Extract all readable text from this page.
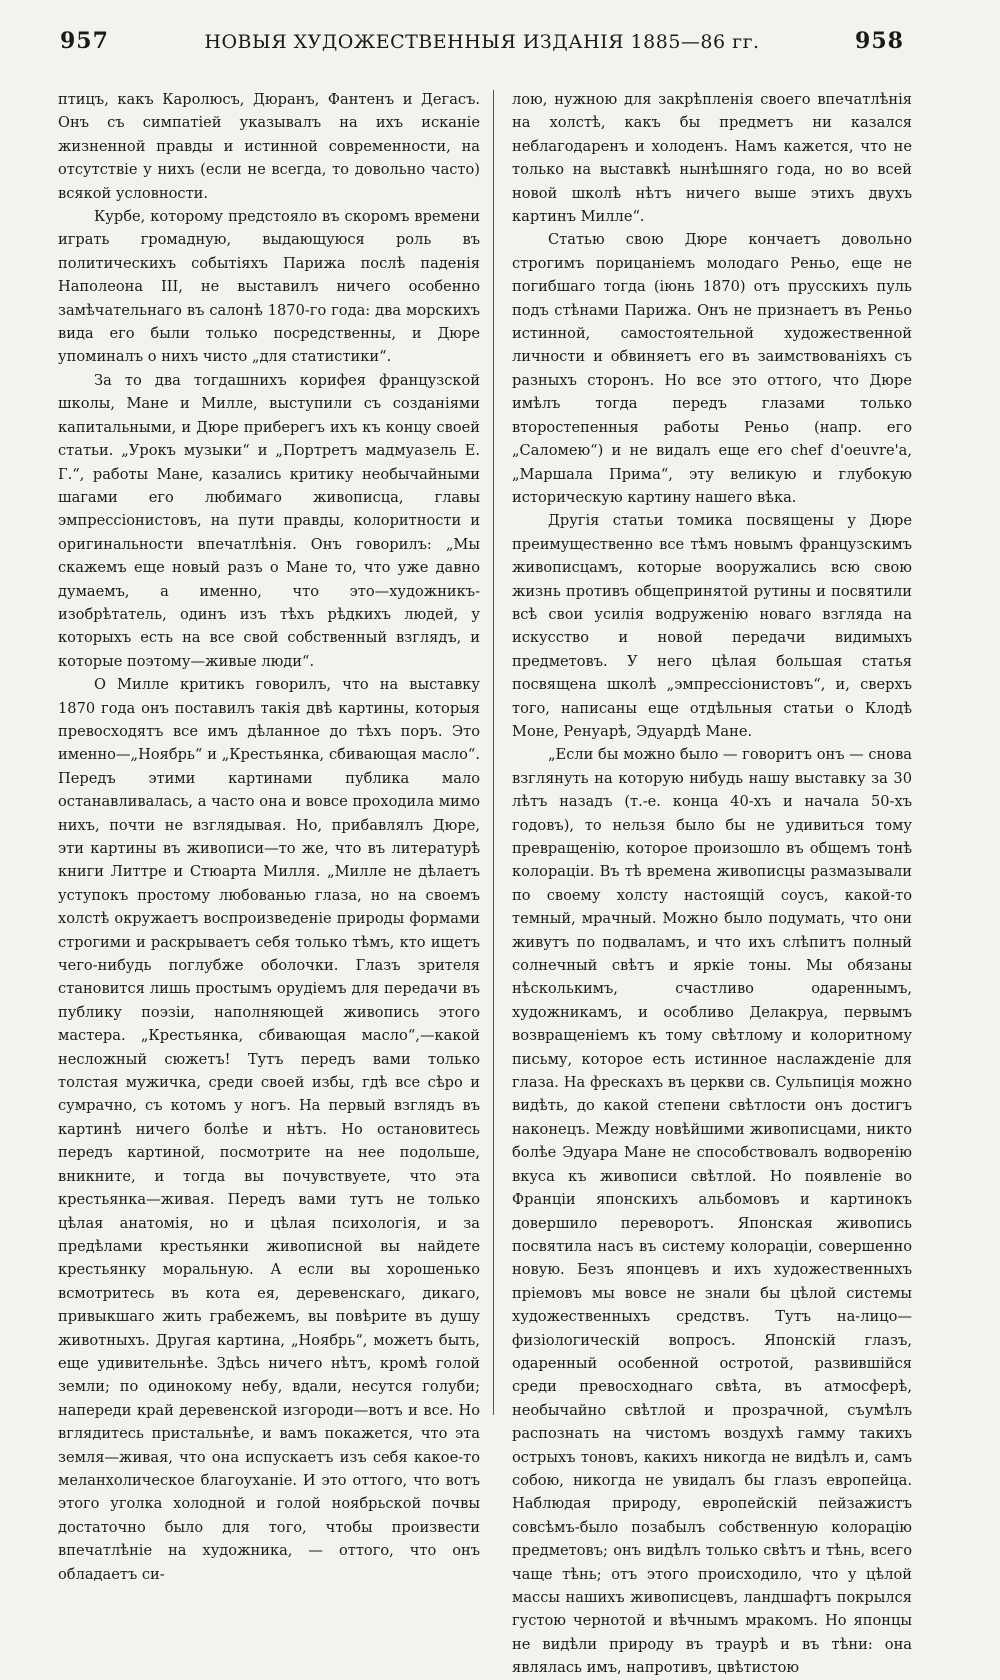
957	НОВЫЯ ХУДОЖЕСТВЕННЫЯ ИЗДАНІЯ 1885—86 гг.	958

птицъ, какъ Каролюсъ, Дюранъ, Фантенъ и Дегасъ. Онъ съ симпатіей указывалъ на ихъ исканіе жизненной правды и истинной современности, на отсутствіе у нихъ (если не всегда, то довольно часто) всякой условности.

Курбе, которому предстояло въ скоромъ времени играть громадную, выдающуюся роль въ политическихъ событіяхъ Парижа послѣ паденія Наполеона III, не выставилъ ничего особенно замѣчательнаго въ салонѣ 1870-го года: два морскихъ вида его были только посредственны, и Дюре упоминалъ о нихъ чисто „для статистики“.

За то два тогдашнихъ корифея французской школы, Мане и Милле, выступили съ созданіями капитальными, и Дюре приберегъ ихъ къ концу своей статьи. „Урокъ музыки“ и „Портретъ мадмуазель Е. Г.“, работы Мане, казались критику необычайными шагами его любимаго живописца, главы эмпрессіонистовъ, на пути правды, колоритности и оригинальности впечатлѣнія. Онъ говорилъ: „Мы скажемъ еще новый разъ о Мане то, что уже давно думаемъ, а именно, что это—художникъ-изобрѣтатель, одинъ изъ тѣхъ рѣдкихъ людей, у которыхъ есть на все свой собственный взглядъ, и которые поэтому—живые люди“.

О Милле критикъ говорилъ, что на выставку 1870 года онъ поставилъ такія двѣ картины, которыя превосходятъ все имъ дѣланное до тѣхъ поръ. Это именно—„Ноябрь“ и „Крестьянка, сбивающая масло“. Передъ этими картинами публика мало останавливалась, а часто она и вовсе проходила мимо нихъ, почти не взглядывая. Но, прибавлялъ Дюре, эти картины въ живописи—то же, что въ литературѣ книги Литтре и Стюарта Милля. „Милле не дѣлаетъ уступокъ простому любованью глаза, но на своемъ холстѣ окружаетъ воспроизведеніе природы формами строгими и раскрываетъ себя только тѣмъ, кто ищетъ чего-нибудь поглубже оболочки. Глазъ зрителя становится лишь простымъ орудіемъ для передачи въ публику поэзіи, наполняющей живопись этого мастера. „Крестьянка, сбивающая масло“,—какой несложный сюжетъ! Тутъ передъ вами только толстая мужичка, среди своей избы, гдѣ все сѣро и сумрачно, съ котомъ у ногъ. На первый взглядъ въ картинѣ ничего болѣе и нѣтъ. Но остановитесь передъ картиной, посмотрите на нее подольше, вникните, и тогда вы почувствуете, что эта крестьянка—живая. Передъ вами тутъ не только цѣлая анатомія, но и цѣлая психологія, и за предѣлами крестьянки живописной вы найдете крестьянку моральную. А если вы хорошенько всмотритесь въ кота ея, деревенскаго, дикаго, привыкшаго жить грабежемъ, вы повѣрите въ душу животныхъ. Другая картина, „Ноябрь“, можетъ быть, еще удивительнѣе. Здѣсь ничего нѣтъ, кромѣ голой земли; по одинокому небу, вдали, несутся голуби; напереди край деревенской изгороди—вотъ и все. Но вглядитесь пристальнѣе, и вамъ покажется, что эта земля—живая, что она испускаетъ изъ себя какое-то меланхолическое благоуханіе. И это оттого, что вотъ этого уголка холодной и голой ноябрьской почвы достаточно было для того, чтобы произвести впечатлѣніе на художника, — оттого, что онъ обладаетъ си-

лою, нужною для закрѣпленія своего впечатлѣнія на холстѣ, какъ бы предметъ ни казался неблагодаренъ и холоденъ. Намъ кажется, что не только на выставкѣ нынѣшняго года, но во всей новой школѣ нѣтъ ничего выше этихъ двухъ картинъ Милле“.

Статью свою Дюре кончаетъ довольно строгимъ порицаніемъ молодаго Реньо, еще не погибшаго тогда (іюнь 1870) отъ прусскихъ пуль подъ стѣнами Парижа. Онъ не признаетъ въ Реньо истинной, самостоятельной художественной личности и обвиняетъ его въ заимствованіяхъ съ разныхъ сторонъ. Но все это оттого, что Дюре имѣлъ тогда передъ глазами только второстепенныя работы Реньо (напр. его „Саломею“) и не видалъ еще его chef d'oeuvre'a, „Маршала Прима“, эту великую и глубокую историческую картину нашего вѣка.

Другія статьи томика посвящены у Дюре преимущественно все тѣмъ новымъ французскимъ живописцамъ, которые вооружались всю свою жизнь противъ общепринятой рутины и посвятили всѣ свои усилія водруженію новаго взгляда на искусство и новой передачи видимыхъ предметовъ. У него цѣлая большая статья посвящена школѣ „эмпрессіонистовъ“, и, сверхъ того, написаны еще отдѣльныя статьи о Клодѣ Моне, Ренуарѣ, Эдуардѣ Мане.

„Если бы можно было — говоритъ онъ — снова взглянуть на которую нибудь нашу выставку за 30 лѣтъ назадъ (т.-е. конца 40-хъ и начала 50-хъ годовъ), то нельзя было бы не удивиться тому превращенію, которое произошло въ общемъ тонѣ колораціи. Въ тѣ времена живописцы размазывали по своему холсту настоящій соусъ, какой-то темный, мрачный. Можно было подумать, что они живутъ по подваламъ, и что ихъ слѣпитъ полный солнечный свѣтъ и яркіе тоны. Мы обязаны нѣсколькимъ, счастливо одареннымъ, художникамъ, и особливо Делакруа, первымъ возвращеніемъ къ тому свѣтлому и колоритному письму, которое есть истинное наслажденіе для глаза. На фрескахъ въ церкви св. Сульпиція можно видѣть, до какой степени свѣтлости онъ достигъ наконецъ. Между новѣйшими живописцами, никто болѣе Эдуара Мане не способствовалъ водворенію вкуса къ живописи свѣтлой. Но появленіе во Франціи японскихъ альбомовъ и картинокъ довершило переворотъ. Японская живопись посвятила насъ въ систему колораціи, совершенно новую. Безъ японцевъ и ихъ художественныхъ пріемовъ мы вовсе не знали бы цѣлой системы художественныхъ средствъ. Тутъ на-лицо—физіологическій вопросъ. Японскій глазъ, одаренный особенной остротой, развившійся среди превосходнаго свѣта, въ атмосферѣ, необычайно свѣтлой и прозрачной, съумѣлъ распознать на чистомъ воздухѣ гамму такихъ острыхъ тоновъ, какихъ никогда не видѣлъ и, самъ собою, никогда не увидалъ бы глазъ европейца. Наблюдая природу, европейскій пейзажистъ совсѣмъ-было позабылъ собственную колорацію предметовъ; онъ видѣлъ только свѣтъ и тѣнь, всего чаще тѣнь; отъ этого происходило, что у цѣлой массы нашихъ живописцевъ, ландшафтъ покрылся густою чернотой и вѣчнымъ мракомъ. Но японцы не видѣли природу въ траурѣ и въ тѣни: она являлась имъ, напротивъ, цвѣтистою
